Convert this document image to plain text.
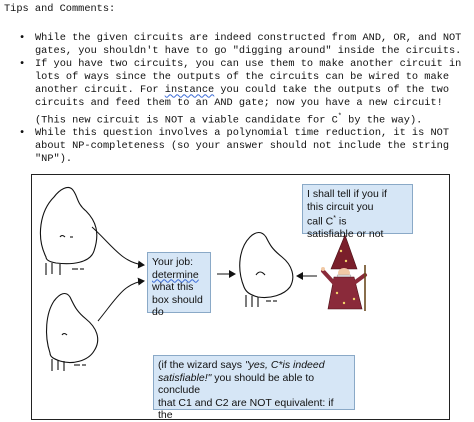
Tips and Comments:
• While the given circuits are indeed constructed from AND, OR, and NOT gates, you shouldn't have to go "digging around" inside the circuits.
• If you have two circuits, you can use them to make another circuit in lots of ways since the outputs of the circuits can be wired to make another circuit. For instance you could take the outputs of the two circuits and feed them to an AND gate; now you have a new circuit! (This new circuit is NOT a viable candidate for C* by the way).
• While this question involves a polynomial time reduction, it is NOT about NP-completeness (so your answer should not include the string "NP").
Your job:
determine
what this
box should
do
I shall tell if you if
this circuit you
call C* is
satisfiable or not
(if the wizard says "yes, C*is indeed
satisfiable!" you should be able to conclude
that C1 and C2 are NOT equivalent: if the
